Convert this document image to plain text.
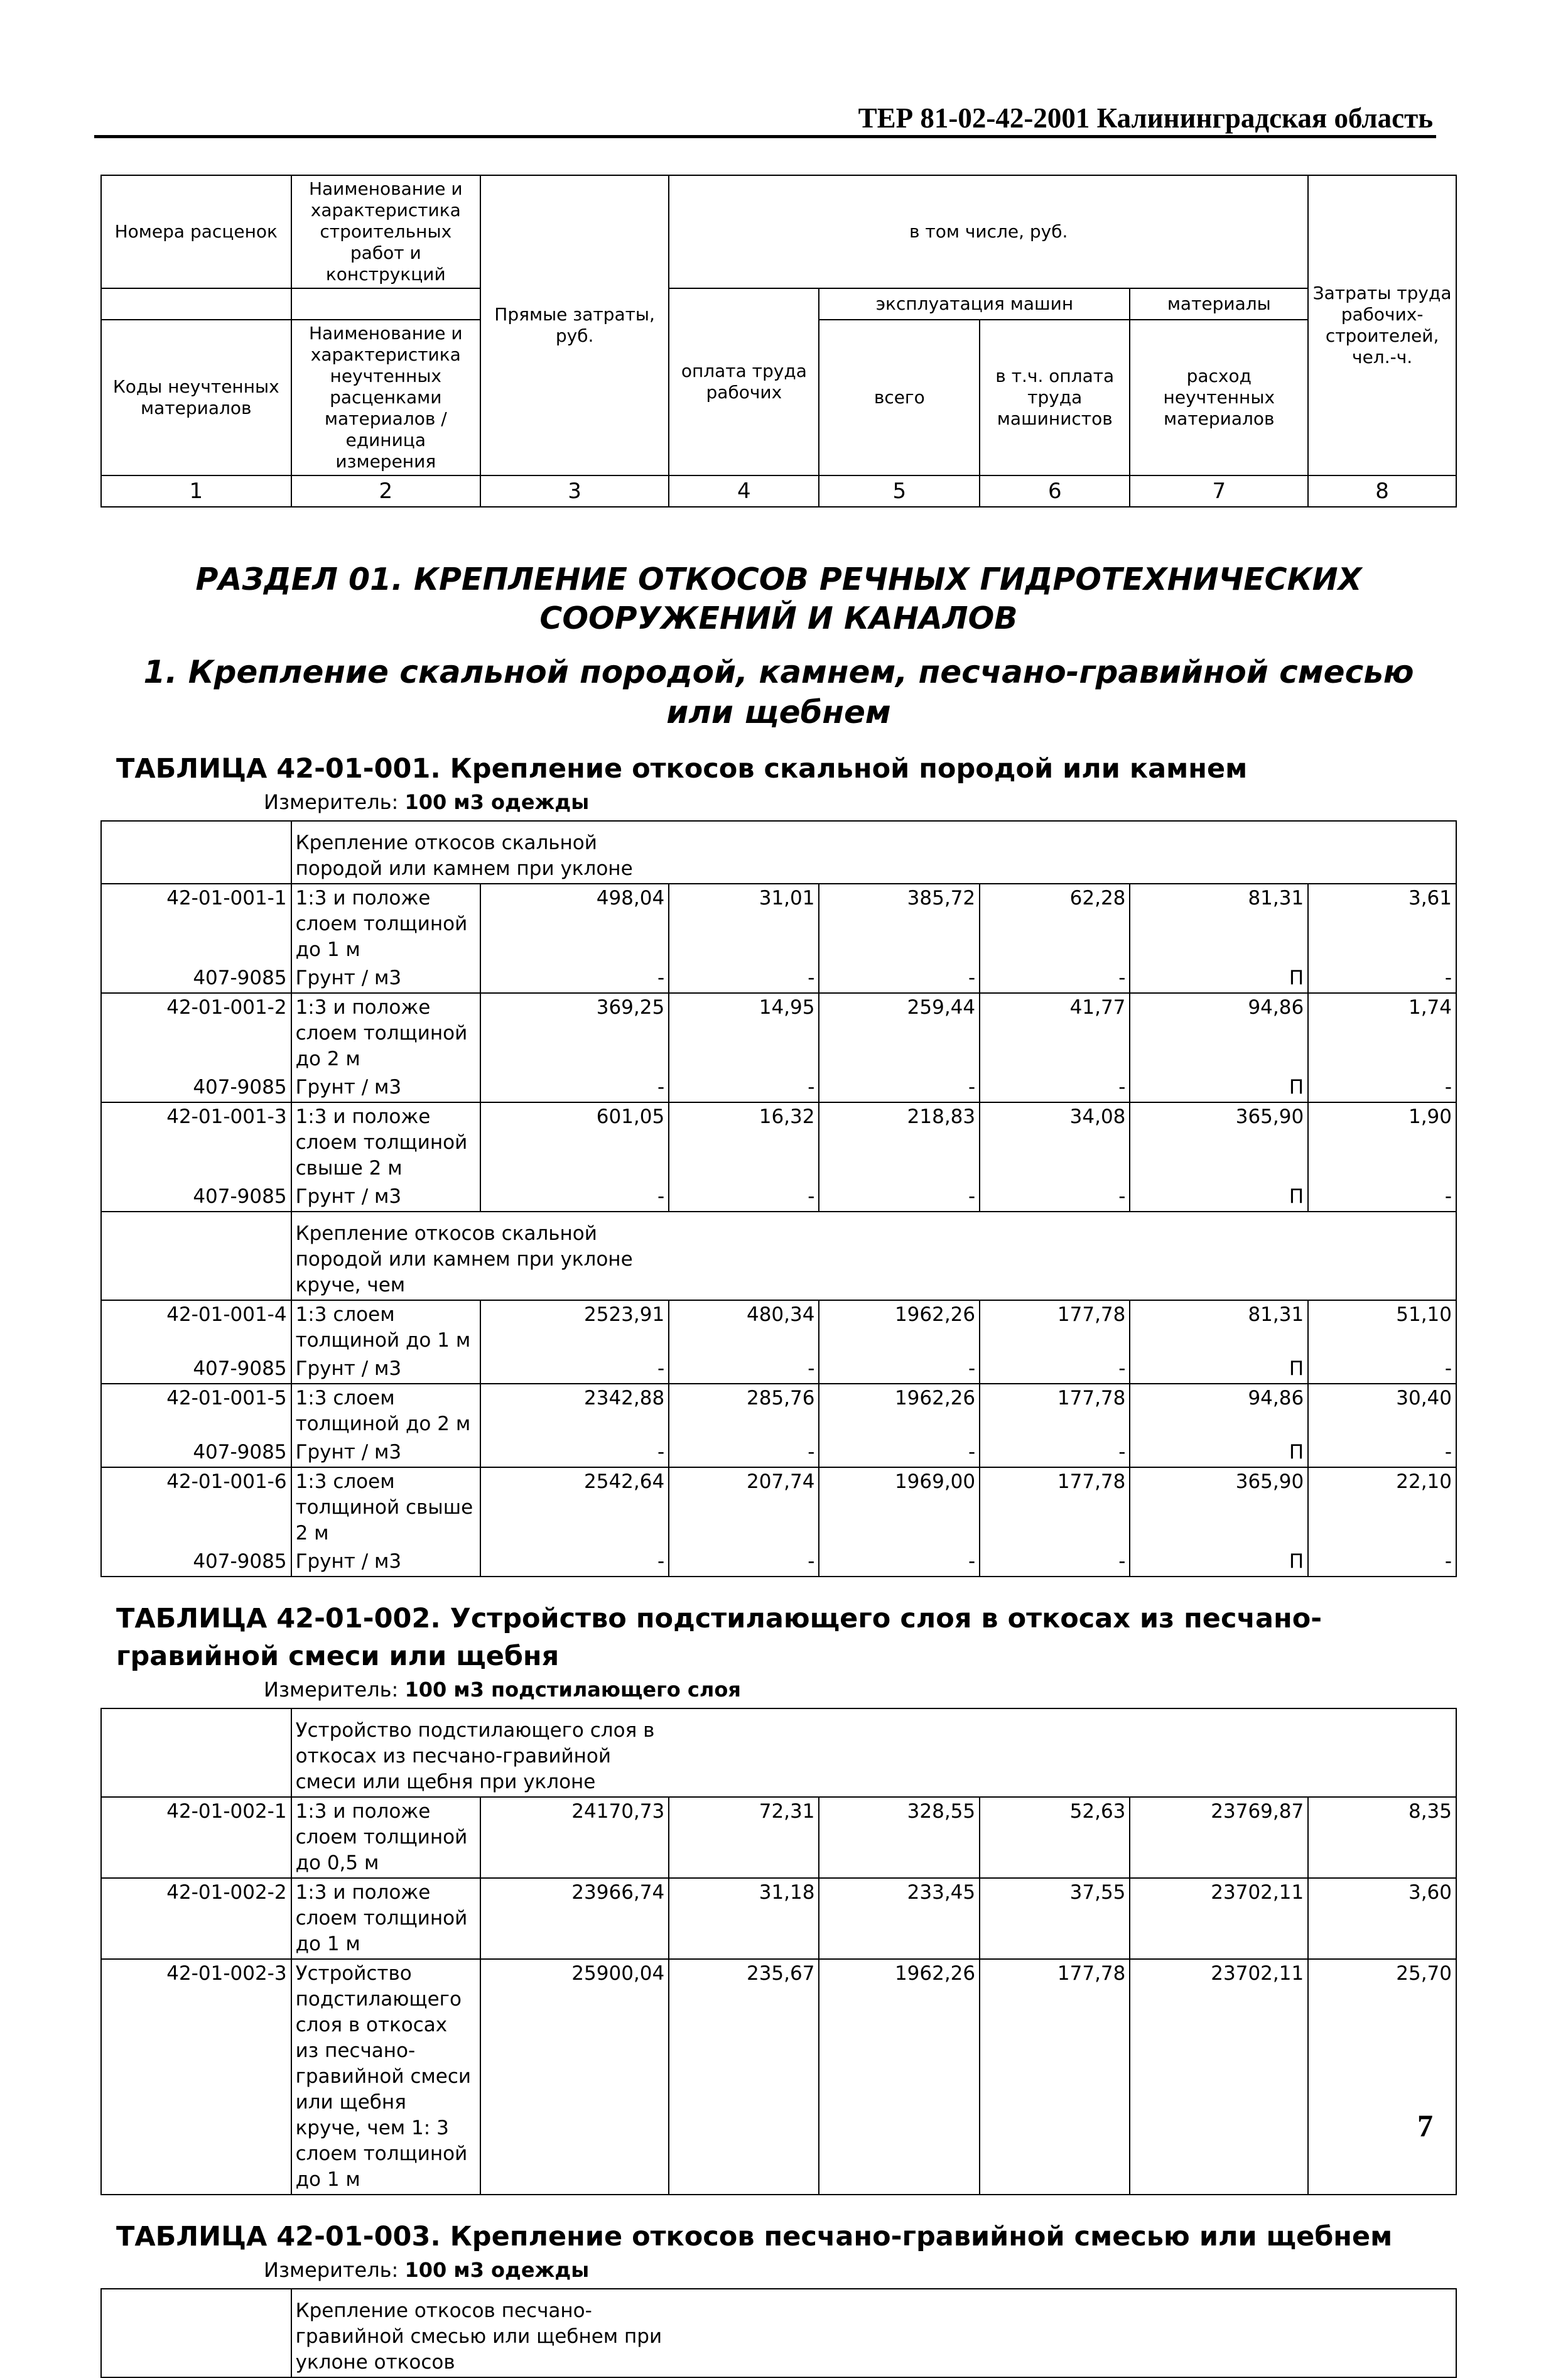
ТЕР 81-02-42-2001 Калининградская область
Номера расценок	Наименование и характеристика строительных работ и конструкций	Прямые затраты, руб.	в том числе, руб.				Затраты труда рабочих-строителей, чел.-ч.
			оплата труда рабочих	эксплуатация машин		материалы	
Коды неучтенных материалов	Наименование и характеристика неучтенных расценками материалов / единица измерения			всего	в т.ч. оплата труда машинистов	расход неучтенных материалов	

1	2	3	4	5	6	7	8

РАЗДЕЛ 01. КРЕПЛЕНИЕ ОТКОСОВ РЕЧНЫХ ГИДРОТЕХНИЧЕСКИХ СООРУЖЕНИЙ И КАНАЛОВ
1. Крепление скальной породой, камнем, песчано-гравийной смесью или щебнем							

ТАБЛИЦА 42-01-001. Крепление откосов скальной породой или камнем
Измеритель: 100 м3 одежды							

	Крепление откосов скальной породой или камнем при уклоне						
42-01-001-1	1:3 и положе слоем толщиной до 1 м	498,04	31,01	385,72	62,28	81,31	3,61
407-9085	Грунт / м3	-	-	-	-	П	-
42-01-001-2	1:3 и положе слоем толщиной до 2 м	369,25	14,95	259,44	41,77	94,86	1,74
407-9085	Грунт / м3	-	-	-	-	П	-
42-01-001-3	1:3 и положе слоем толщиной свыше 2 м	601,05	16,32	218,83	34,08	365,90	1,90
407-9085	Грунт / м3	-	-	-	-	П	-
	Крепление откосов скальной породой или камнем при уклоне круче, чем						
42-01-001-4	1:3 слоем толщиной до 1 м	2523,91	480,34	1962,26	177,78	81,31	51,10
407-9085	Грунт / м3	-	-	-	-	П	-
42-01-001-5	1:3 слоем толщиной до 2 м	2342,88	285,76	1962,26	177,78	94,86	30,40
407-9085	Грунт / м3	-	-	-	-	П	-
42-01-001-6	1:3 слоем толщиной свыше 2 м	2542,64	207,74	1969,00	177,78	365,90	22,10
407-9085	Грунт / м3	-	-	-	-	П	-

ТАБЛИЦА 42-01-002. Устройство подстилающего слоя в откосах из песчано-гравийной смеси или щебня
Измеритель: 100 м3 подстилающего слоя							

	Устройство подстилающего слоя в откосах из песчано-гравийной смеси или щебня при уклоне						
42-01-002-1	1:3 и положе слоем толщиной до 0,5 м	24170,73	72,31	328,55	52,63	23769,87	8,35
42-01-002-2	1:3 и положе слоем толщиной до 1 м	23966,74	31,18	233,45	37,55	23702,11	3,60
42-01-002-3	Устройство подстилающего слоя в откосах из песчано-гравийной смеси или щебня круче, чем 1: 3 слоем толщиной до 1 м	25900,04	235,67	1962,26	177,78	23702,11	25,70

ТАБЛИЦА 42-01-003. Крепление откосов песчано-гравийной смесью или щебнем
Измеритель: 100 м3 одежды							

	Крепление откосов песчано-гравийной смесью или щебнем при уклоне откосов						
7
